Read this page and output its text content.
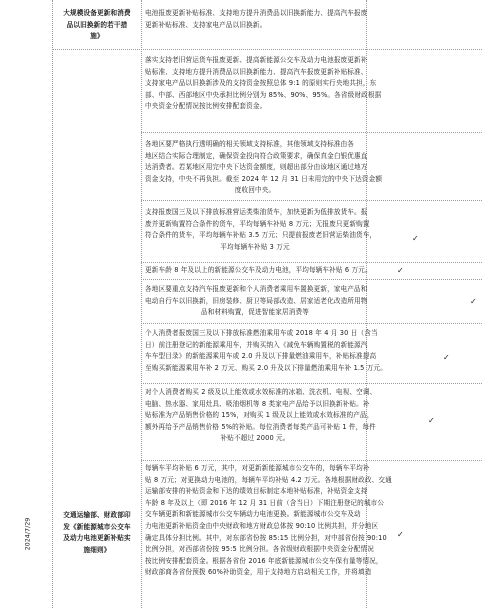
大规模设备更新和消费
品以旧换新的若干措
施》
电池报废更新补贴标准、支持地方提升消费品以旧换新能力、提高汽车报废
更新补贴标准、支持家电产品以旧换新。
落实支持老旧营运货车报废更新、提高新能源公交车及动力电池报废更新补
贴标准、支持地方提升消费品以旧换新能力、提高汽车报废更新补贴标准、
支持家电产品以旧换新涉及的支持资金按照总体 9:1 的原则实行央地共担，东
部、中部、西部地区中央承担比例分别为 85%、90%、95%。各省级财政根据
中央资金分配情况按比例安排配套资金。
各地区要严格执行透明确的相关领域支持标准，其他领域支持标准由各
地区结合实际合理制定，确保资金投向符合政策要求，确保真金白银优惠直
达消费者。若某地区用完中央下达资金额度，则超出部分由该地区通过地方
资金支持，中央不再负担。截至 2024 年 12 月 31 日未用完的中央下达资金额
度收回中央。
支持报废国三及以下排放标准营运类柴油货车，加快更新为低排放货车。报
废并更新购置符合条件的货车，平均每辆车补贴 8 万元；无报废只更新购置
符合条件的货车，平均每辆车补贴 3.5 万元；只提前报废老旧营运柴油货车，
平均每辆车补贴 3 万元
✓
更新车龄 8 年及以上的新能源公交车及动力电池，平均每辆车补贴 6 万元。	✓
各地区要重点支持汽车报废更新和个人消费者乘用车置换更新，家电产品和
电动自行车以旧换新，旧房装修、厨卫等局部改造、居家适老化改造所用物
品和材料购置，促进智能家居消费等
✓
个人消费者报废国三及以下排放标准燃油乘用车或 2018 年 4 月 30 日（含当
日）前注册登记的新能源乘用车，并购买纳入《减免车辆购置税的新能源汽
车车型目录》的新能源乘用车或 2.0 升及以下排量燃油乘用车，补贴标准提高
至购买新能源乘用车补 2 万元、购买 2.0 升及以下排量燃油乘用车补 1.5 万元。
✓
对个人消费者购买 2 级及以上能效或水效标准的冰箱、洗衣机、电视、空调、
电脑、热水器、家用灶具、吸油烟机等 8 类家电产品给予以旧换新补贴。补
贴标准为产品销售价格的 15%，对购买 1 级及以上能效或水效标准的产品，
额外再给予产品销售价格 5%的补贴。每位消费者每类产品可补贴 1 件，每件
补贴不超过 2000 元。
✓
每辆车平均补贴 6 万元，其中，对更新新能源城市公交车的，每辆车平均补
贴 8 万元；对更换动力电池的，每辆车平均补贴 4.2 万元。各地根据财政政、交通
运输部安排的补贴资金和下达的绩效目标制定本地补贴标准，补贴资金支持
车龄 8 年及以上（即 2016 年 12 月 31 日前（含当日）下期注册登记的城市公
交车辆更新和新能源城市公交车辆动力电池更换。新能源城市公交车及动
力电池更新补贴资金由中央财政和地方财政总体按 90:10 比例共担，并分地区
确定具体分担比例。其中，对东部省份按 85:15 比例分担，对中部省份按 90:10
比例分担，对西部省份按 95:5 比例分担。各省级财政根据中央资金分配情况
按比例安排配套资金。根据各省份 2016 年底新能源城市公交车保有量等情况，
财政部商各省份预拨 60%补助资金，用于支持地方启动相关工作，并将填造
✓
2024/7/29
交通运输部、财政部印
发《新能源城市公交车
及动力电池更新补贴实
施细则》
